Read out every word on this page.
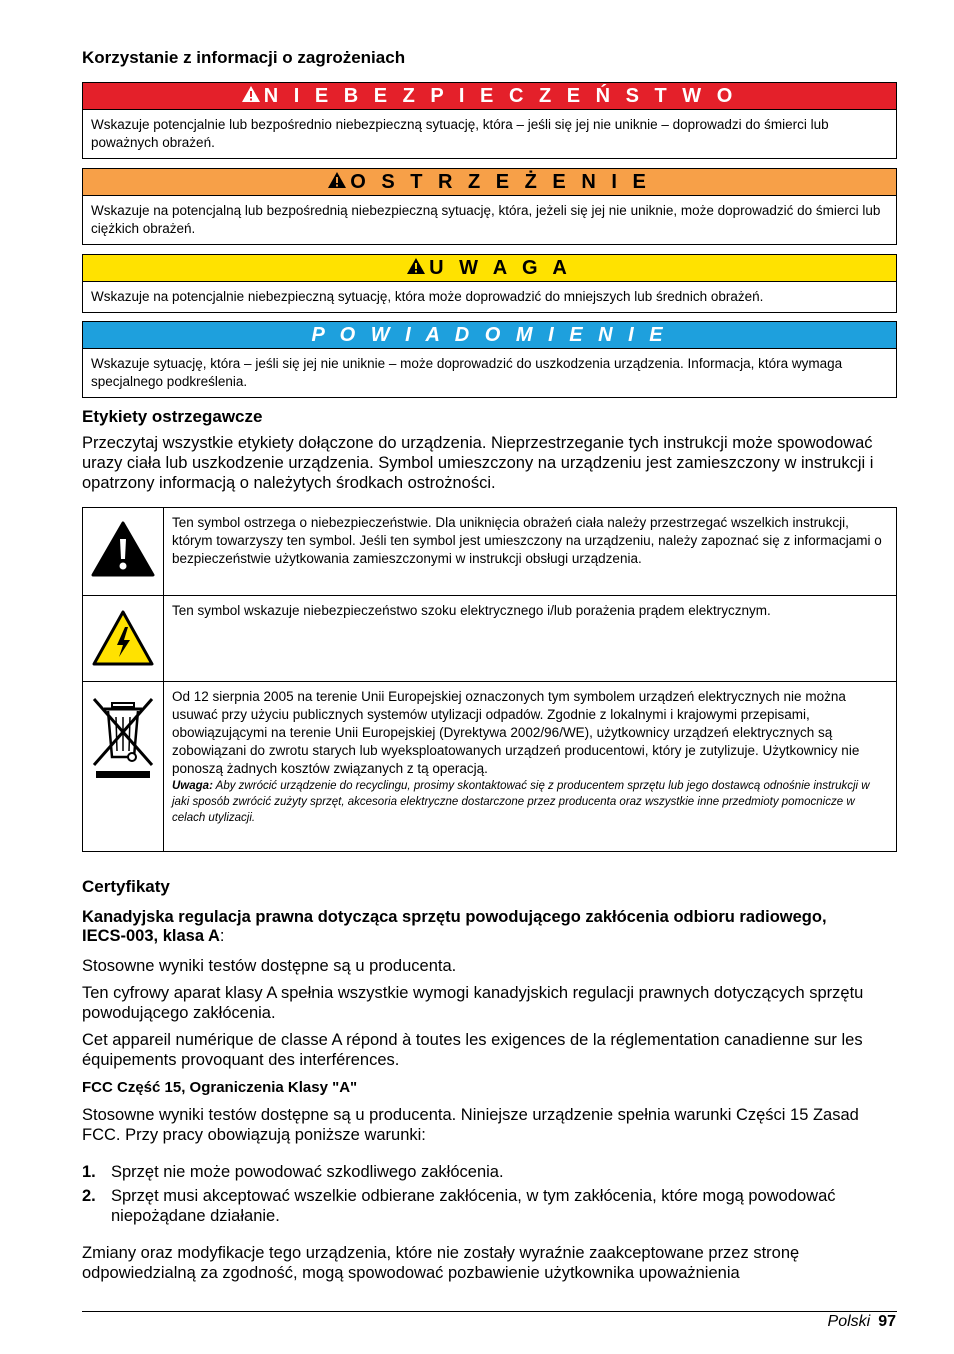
Korzystanie z informacji o zagrożeniach
N I E B E Z P I E C Z E Ń S T W O
Wskazuje potencjalnie lub bezpośrednio niebezpieczną sytuację, która – jeśli się jej nie uniknie – doprowadzi do śmierci lub poważnych obrażeń.
O S T R Z E Ż E N I E
Wskazuje na potencjalną lub bezpośrednią niebezpieczną sytuację, która, jeżeli się jej nie uniknie, może doprowadzić do śmierci lub ciężkich obrażeń.
U W A G A
Wskazuje na potencjalnie niebezpieczną sytuację, która może doprowadzić do mniejszych lub średnich obrażeń.
P O W I A D O M I E N I E
Wskazuje sytuację, która – jeśli się jej nie uniknie – może doprowadzić do uszkodzenia urządzenia. Informacja, która wymaga specjalnego podkreślenia.
Etykiety ostrzegawcze

Przeczytaj wszystkie etykiety dołączone do urządzenia. Nieprzestrzeganie tych instrukcji może spowodować urazy ciała lub uszkodzenie urządzenia. Symbol umieszczony na urządzeniu jest zamieszczony w instrukcji i opatrzony informacją o należytych środkach ostrożności.

	Ten symbol ostrzega o niebezpieczeństwie. Dla uniknięcia obrażeń ciała należy przestrzegać wszelkich instrukcji, którym towarzyszy ten symbol. Jeśli ten symbol jest umieszczony na urządzeniu, należy zapoznać się z informacjami o bezpieczeństwie użytkowania zamieszczonymi w instrukcji obsługi urządzenia.
	Ten symbol wskazuje niebezpieczeństwo szoku elektrycznego i/lub porażenia prądem elektrycznym.

Od 12 sierpnia 2005 na terenie Unii Europejskiej oznaczonych tym symbolem urządzeń elektrycznych nie można usuwać przy użyciu publicznych systemów utylizacji odpadów. Zgodnie z lokalnymi i krajowymi przepisami, obowiązującymi na terenie Unii Europejskiej (Dyrektywa 2002/96/WE), użytkownicy urządzeń elektrycznych są zobowiązani do zwrotu starych lub wyeksploatowanych urządzeń producentowi, który je zutylizuje. Użytkownicy nie ponoszą żadnych kosztów związanych z tą operacją.
Uwaga: Aby zwrócić urządzenie do recyclingu, prosimy skontaktować się z producentem sprzętu lub jego dostawcą odnośnie instrukcji w jaki sposób zwrócić zużyty sprzęt, akcesoria elektryczne dostarczone przez producenta oraz wszystkie inne przedmioty pomocnicze w celach utylizacji.
Certyfikaty

Kanadyjska regulacja prawna dotycząca sprzętu powodującego zakłócenia odbioru radiowego, IECS-003, klasa A:

Stosowne wyniki testów dostępne są u producenta.

Ten cyfrowy aparat klasy A spełnia wszystkie wymogi kanadyjskich regulacji prawnych dotyczących sprzętu powodującego zakłócenia.

Cet appareil numérique de classe A répond à toutes les exigences de la réglementation canadienne sur les équipements provoquant des interférences.

FCC Część 15, Ograniczenia Klasy "A"

Stosowne wyniki testów dostępne są u producenta. Niniejsze urządzenie spełnia warunki Części 15 Zasad FCC. Przy pracy obowiązują poniższe warunki:

1. Sprzęt nie może powodować szkodliwego zakłócenia.
2. Sprzęt musi akceptować wszelkie odbierane zakłócenia, w tym zakłócenia, które mogą powodować niepożądane działanie.

Zmiany oraz modyfikacje tego urządzenia, które nie zostały wyraźnie zaakceptowane przez stronę odpowiedzialną za zgodność, mogą spowodować pozbawienie użytkownika upoważnienia

Polski 97
